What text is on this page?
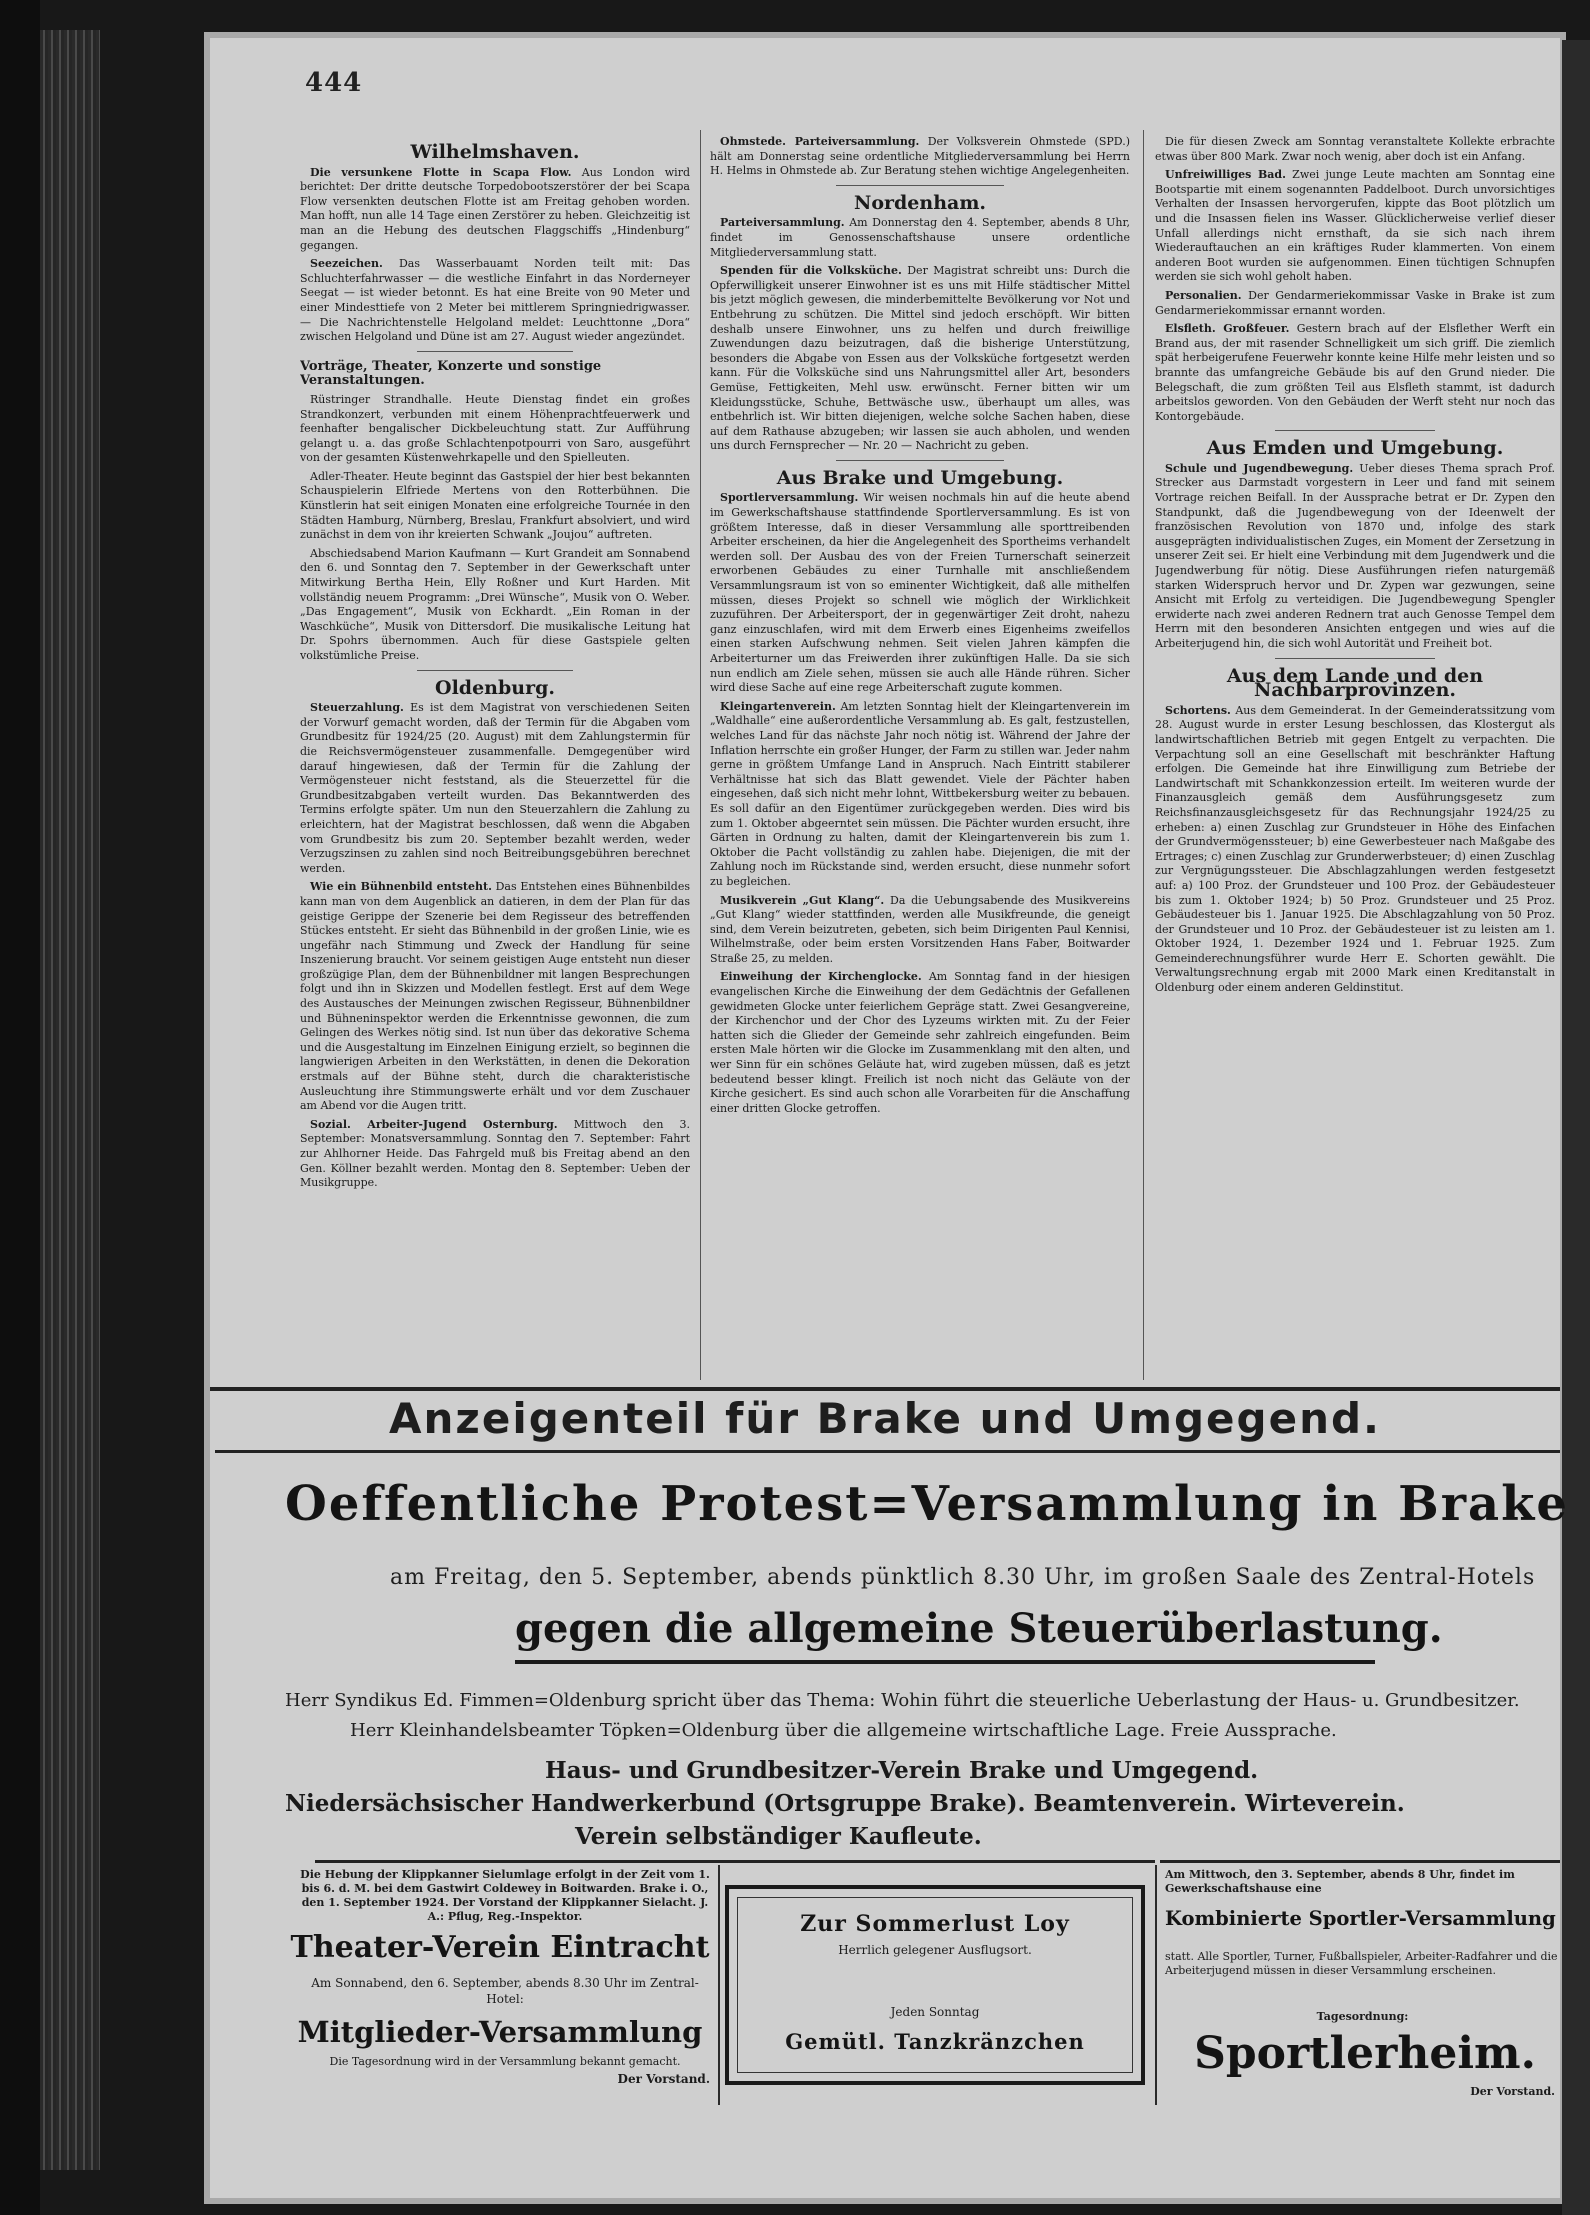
444
Wilhelmshaven.

Die versunkene Flotte in Scapa Flow. Aus London wird berichtet: Der dritte deutsche Torpedobootszerstörer der bei Scapa Flow versenkten deutschen Flotte ist am Freitag gehoben worden. Man hofft, nun alle 14 Tage einen Zerstörer zu heben. Gleichzeitig ist man an die Hebung des deutschen Flaggschiffs „Hindenburg“ gegangen.

Seezeichen. Das Wasserbauamt Norden teilt mit: Das Schluchterfahrwasser — die westliche Einfahrt in das Norderneyer Seegat — ist wieder betonnt. Es hat eine Breite von 90 Meter und einer Mindesttiefe von 2 Meter bei mittlerem Springniedrigwasser. — Die Nachrichtenstelle Helgoland meldet: Leuchttonne „Dora“ zwischen Helgoland und Düne ist am 27. August wieder angezündet.

Vorträge, Theater, Konzerte und sonstige Veranstaltungen.

Rüstringer Strandhalle. Heute Dienstag findet ein großes Strandkonzert, verbunden mit einem Höhenprachtfeuerwerk und feenhafter bengalischer Dickbeleuchtung statt. Zur Aufführung gelangt u. a. das große Schlachtenpotpourri von Saro, ausgeführt von der gesamten Küstenwehrkapelle und den Spielleuten.

Adler-Theater. Heute beginnt das Gastspiel der hier best bekannten Schauspielerin Elfriede Mertens von den Rotterbühnen. Die Künstlerin hat seit einigen Monaten eine erfolgreiche Tournée in den Städten Hamburg, Nürnberg, Breslau, Frankfurt absolviert, und wird zunächst in dem von ihr kreierten Schwank „Joujou“ auftreten.

Abschiedsabend Marion Kaufmann — Kurt Grandeit am Sonnabend den 6. und Sonntag den 7. September in der Gewerkschaft unter Mitwirkung Bertha Hein, Elly Roßner und Kurt Harden. Mit vollständig neuem Programm: „Drei Wünsche“, Musik von O. Weber. „Das Engagement“, Musik von Eckhardt. „Ein Roman in der Waschküche“, Musik von Dittersdorf. Die musikalische Leitung hat Dr. Spohrs übernommen. Auch für diese Gastspiele gelten volkstümliche Preise.

Oldenburg.

Steuerzahlung. Es ist dem Magistrat von verschiedenen Seiten der Vorwurf gemacht worden, daß der Termin für die Abgaben vom Grundbesitz für 1924/25 (20. August) mit dem Zahlungstermin für die Reichsvermögensteuer zusammenfalle. Demgegenüber wird darauf hingewiesen, daß der Termin für die Zahlung der Vermögensteuer nicht feststand, als die Steuerzettel für die Grundbesitzabgaben verteilt wurden. Das Bekanntwerden des Termins erfolgte später. Um nun den Steuerzahlern die Zahlung zu erleichtern, hat der Magistrat beschlossen, daß wenn die Abgaben vom Grundbesitz bis zum 20. September bezahlt werden, weder Verzugszinsen zu zahlen sind noch Beitreibungsgebühren berechnet werden.

Wie ein Bühnenbild entsteht. Das Entstehen eines Bühnenbildes kann man von dem Augenblick an datieren, in dem der Plan für das geistige Gerippe der Szenerie bei dem Regisseur des betreffenden Stückes entsteht. Er sieht das Bühnenbild in der großen Linie, wie es ungefähr nach Stimmung und Zweck der Handlung für seine Inszenierung braucht. Vor seinem geistigen Auge entsteht nun dieser großzügige Plan, dem der Bühnenbildner mit langen Besprechungen folgt und ihn in Skizzen und Modellen festlegt. Erst auf dem Wege des Austausches der Meinungen zwischen Regisseur, Bühnenbildner und Bühneninspektor werden die Erkenntnisse gewonnen, die zum Gelingen des Werkes nötig sind. Ist nun über das dekorative Schema und die Ausgestaltung im Einzelnen Einigung erzielt, so beginnen die langwierigen Arbeiten in den Werkstätten, in denen die Dekoration erstmals auf der Bühne steht, durch die charakteristische Ausleuchtung ihre Stimmungswerte erhält und vor dem Zuschauer am Abend vor die Augen tritt.

Sozial. Arbeiter-Jugend Osternburg. Mittwoch den 3. September: Monatsversammlung. Sonntag den 7. September: Fahrt zur Ahlhorner Heide. Das Fahrgeld muß bis Freitag abend an den Gen. Köllner bezahlt werden. Montag den 8. September: Ueben der Musikgruppe.

Ohmstede. Parteiversammlung. Der Volksverein Ohmstede (SPD.) hält am Donnerstag seine ordentliche Mitgliederversammlung bei Herrn H. Helms in Ohmstede ab. Zur Beratung stehen wichtige Angelegenheiten.

Nordenham.

Parteiversammlung. Am Donnerstag den 4. September, abends 8 Uhr, findet im Genossenschaftshause unsere ordentliche Mitgliederversammlung statt.

Spenden für die Volksküche. Der Magistrat schreibt uns: Durch die Opferwilligkeit unserer Einwohner ist es uns mit Hilfe städtischer Mittel bis jetzt möglich gewesen, die minderbemittelte Bevölkerung vor Not und Entbehrung zu schützen. Die Mittel sind jedoch erschöpft. Wir bitten deshalb unsere Einwohner, uns zu helfen und durch freiwillige Zuwendungen dazu beizutragen, daß die bisherige Unterstützung, besonders die Abgabe von Essen aus der Volksküche fortgesetzt werden kann. Für die Volksküche sind uns Nahrungsmittel aller Art, besonders Gemüse, Fettigkeiten, Mehl usw. erwünscht. Ferner bitten wir um Kleidungsstücke, Schuhe, Bettwäsche usw., überhaupt um alles, was entbehrlich ist. Wir bitten diejenigen, welche solche Sachen haben, diese auf dem Rathause abzugeben; wir lassen sie auch abholen, und wenden uns durch Fernsprecher — Nr. 20 — Nachricht zu geben.

Aus Brake und Umgebung.

Sportlerversammlung. Wir weisen nochmals hin auf die heute abend im Gewerkschaftshause stattfindende Sportlerversammlung. Es ist von größtem Interesse, daß in dieser Versammlung alle sporttreibenden Arbeiter erscheinen, da hier die Angelegenheit des Sportheims verhandelt werden soll. Der Ausbau des von der Freien Turnerschaft seinerzeit erworbenen Gebäudes zu einer Turnhalle mit anschließendem Versammlungsraum ist von so eminenter Wichtigkeit, daß alle mithelfen müssen, dieses Projekt so schnell wie möglich der Wirklichkeit zuzuführen. Der Arbeitersport, der in gegenwärtiger Zeit droht, nahezu ganz einzuschlafen, wird mit dem Erwerb eines Eigenheims zweifellos einen starken Aufschwung nehmen. Seit vielen Jahren kämpfen die Arbeiterturner um das Freiwerden ihrer zukünftigen Halle. Da sie sich nun endlich am Ziele sehen, müssen sie auch alle Hände rühren. Sicher wird diese Sache auf eine rege Arbeiterschaft zugute kommen.

Kleingartenverein. Am letzten Sonntag hielt der Kleingartenverein im „Waldhalle“ eine außerordentliche Versammlung ab. Es galt, festzustellen, welches Land für das nächste Jahr noch nötig ist. Während der Jahre der Inflation herrschte ein großer Hunger, der Farm zu stillen war. Jeder nahm gerne in größtem Umfange Land in Anspruch. Nach Eintritt stabilerer Verhältnisse hat sich das Blatt gewendet. Viele der Pächter haben eingesehen, daß sich nicht mehr lohnt, Wittbekersburg weiter zu bebauen. Es soll dafür an den Eigentümer zurückgegeben werden. Dies wird bis zum 1. Oktober abgeerntet sein müssen. Die Pächter wurden ersucht, ihre Gärten in Ordnung zu halten, damit der Kleingartenverein bis zum 1. Oktober die Pacht vollständig zu zahlen habe. Diejenigen, die mit der Zahlung noch im Rückstande sind, werden ersucht, diese nunmehr sofort zu begleichen.

Musikverein „Gut Klang“. Da die Uebungsabende des Musikvereins „Gut Klang“ wieder stattfinden, werden alle Musikfreunde, die geneigt sind, dem Verein beizutreten, gebeten, sich beim Dirigenten Paul Kennisi, Wilhelmstraße, oder beim ersten Vorsitzenden Hans Faber, Boitwarder Straße 25, zu melden.

Einweihung der Kirchenglocke. Am Sonntag fand in der hiesigen evangelischen Kirche die Einweihung der dem Gedächtnis der Gefallenen gewidmeten Glocke unter feierlichem Gepräge statt. Zwei Gesangvereine, der Kirchenchor und der Chor des Lyzeums wirkten mit. Zu der Feier hatten sich die Glieder der Gemeinde sehr zahlreich eingefunden. Beim ersten Male hörten wir die Glocke im Zusammenklang mit den alten, und wer Sinn für ein schönes Geläute hat, wird zugeben müssen, daß es jetzt bedeutend besser klingt. Freilich ist noch nicht das Geläute von der Kirche gesichert. Es sind auch schon alle Vorarbeiten für die Anschaffung einer dritten Glocke getroffen.

Die für diesen Zweck am Sonntag veranstaltete Kollekte erbrachte etwas über 800 Mark. Zwar noch wenig, aber doch ist ein Anfang.

Unfreiwilliges Bad. Zwei junge Leute machten am Sonntag eine Bootspartie mit einem sogenannten Paddelboot. Durch unvorsichtiges Verhalten der Insassen hervorgerufen, kippte das Boot plötzlich um und die Insassen fielen ins Wasser. Glücklicherweise verlief dieser Unfall allerdings nicht ernsthaft, da sie sich nach ihrem Wiederauftauchen an ein kräftiges Ruder klammerten. Von einem anderen Boot wurden sie aufgenommen. Einen tüchtigen Schnupfen werden sie sich wohl geholt haben.

Personalien. Der Gendarmeriekommissar Vaske in Brake ist zum Gendarmeriekommissar ernannt worden.

Elsfleth. Großfeuer. Gestern brach auf der Elsflether Werft ein Brand aus, der mit rasender Schnelligkeit um sich griff. Die ziemlich spät herbeigerufene Feuerwehr konnte keine Hilfe mehr leisten und so brannte das umfangreiche Gebäude bis auf den Grund nieder. Die Belegschaft, die zum größten Teil aus Elsfleth stammt, ist dadurch arbeitslos geworden. Von den Gebäuden der Werft steht nur noch das Kontorgebäude.

Aus Emden und Umgebung.

Schule und Jugendbewegung. Ueber dieses Thema sprach Prof. Strecker aus Darmstadt vorgestern in Leer und fand mit seinem Vortrage reichen Beifall. In der Aussprache betrat er Dr. Zypen den Standpunkt, daß die Jugendbewegung von der Ideenwelt der französischen Revolution von 1870 und, infolge des stark ausgeprägten individualistischen Zuges, ein Moment der Zersetzung in unserer Zeit sei. Er hielt eine Verbindung mit dem Jugendwerk und die Jugendwerbung für nötig. Diese Ausführungen riefen naturgemäß starken Widerspruch hervor und Dr. Zypen war gezwungen, seine Ansicht mit Erfolg zu verteidigen. Die Jugendbewegung Spengler erwiderte nach zwei anderen Rednern trat auch Genosse Tempel dem Herrn mit den besonderen Ansichten entgegen und wies auf die Arbeiterjugend hin, die sich wohl Autorität und Freiheit bot.

Aus dem Lande und den Nachbarprovinzen.

Schortens. Aus dem Gemeinderat. In der Gemeinderatssitzung vom 28. August wurde in erster Lesung beschlossen, das Klostergut als landwirtschaftlichen Betrieb mit gegen Entgelt zu verpachten. Die Verpachtung soll an eine Gesellschaft mit beschränkter Haftung erfolgen. Die Gemeinde hat ihre Einwilligung zum Betriebe der Landwirtschaft mit Schankkonzession erteilt. Im weiteren wurde der Finanzausgleich gemäß dem Ausführungsgesetz zum Reichsfinanzausgleichsgesetz für das Rechnungsjahr 1924/25 zu erheben: a) einen Zuschlag zur Grundsteuer in Höhe des Einfachen der Grundvermögenssteuer; b) eine Gewerbesteuer nach Maßgabe des Ertrages; c) einen Zuschlag zur Grunderwerbsteuer; d) einen Zuschlag zur Vergnügungssteuer. Die Abschlagzahlungen werden festgesetzt auf: a) 100 Proz. der Grundsteuer und 100 Proz. der Gebäudesteuer bis zum 1. Oktober 1924; b) 50 Proz. Grundsteuer und 25 Proz. Gebäudesteuer bis 1. Januar 1925. Die Abschlagzahlung von 50 Proz. der Grundsteuer und 10 Proz. der Gebäudesteuer ist zu leisten am 1. Oktober 1924, 1. Dezember 1924 und 1. Februar 1925. Zum Gemeinderechnungsführer wurde Herr E. Schorten gewählt. Die Verwaltungsrechnung ergab mit 2000 Mark einen Kreditanstalt in Oldenburg oder einem anderen Geldinstitut.

Anzeigenteil für Brake und Umgegend.
Oeffentliche Protest=Versammlung in Brake
am Freitag, den 5. September, abends pünktlich 8.30 Uhr, im großen Saale des Zentral-Hotels
gegen die allgemeine Steuerüberlastung.
Herr Syndikus Ed. Fimmen=Oldenburg spricht über das Thema: Wohin führt die steuerliche Ueberlastung der Haus- u. Grundbesitzer.
Herr Kleinhandelsbeamter Töpken=Oldenburg über die allgemeine wirtschaftliche Lage. Freie Aussprache.
Haus- und Grundbesitzer-Verein Brake und Umgegend.
Niedersächsischer Handwerkerbund (Ortsgruppe Brake). Beamtenverein. Wirteverein.
Verein selbständiger Kaufleute.
Die Hebung der Klippkanner Sielumlage erfolgt in der Zeit vom 1. bis 6. d. M. bei dem Gastwirt Coldewey in Boitwarden. Brake i. O., den 1. September 1924. Der Vorstand der Klippkanner Sielacht. J. A.: Pflug, Reg.-Inspektor.
Theater-Verein Eintracht
Am Sonnabend, den 6. September, abends 8.30 Uhr im Zentral-Hotel:
Mitglieder-Versammlung
Die Tagesordnung wird in der Versammlung bekannt gemacht.
Der Vorstand.
Zur Sommerlust Loy
Herrlich gelegener Ausflugsort.
Jeden Sonntag
Gemütl. Tanzkränzchen
Am Mittwoch, den 3. September, abends 8 Uhr, findet im Gewerkschaftshause eine
Kombinierte Sportler-Versammlung
statt. Alle Sportler, Turner, Fußballspieler, Arbeiter-Radfahrer und die Arbeiterjugend müssen in dieser Versammlung erscheinen.
Tagesordnung:
Sportlerheim.
Der Vorstand.
